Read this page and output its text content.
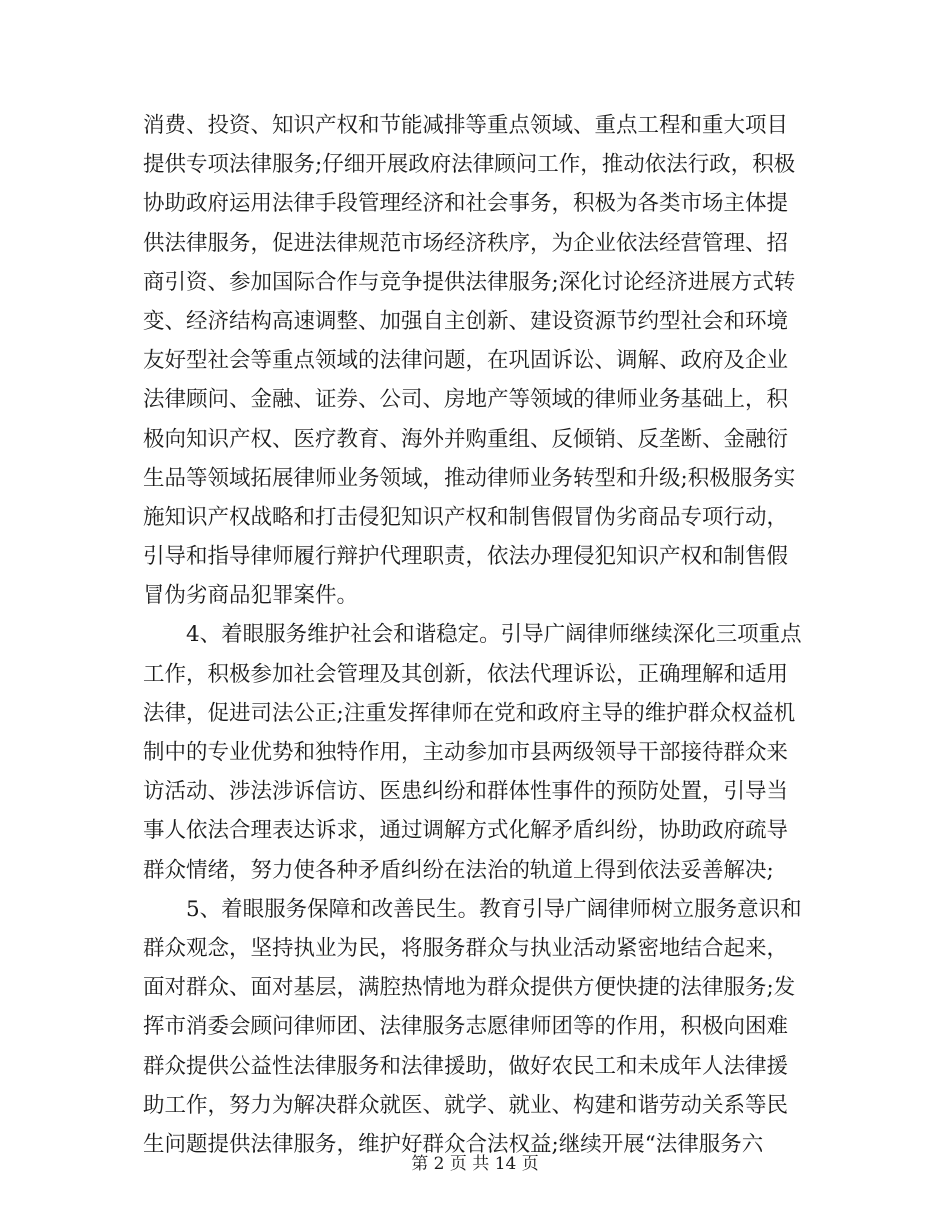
消费、投资、知识产权和节能减排等重点领域、重点工程和重大项目
提供专项法律服务;仔细开展政府法律顾问工作，推动依法行政，积极
协助政府运用法律手段管理经济和社会事务，积极为各类市场主体提
供法律服务，促进法律规范市场经济秩序，为企业依法经营管理、招
商引资、参加国际合作与竞争提供法律服务;深化讨论经济进展方式转
变、经济结构高速调整、加强自主创新、建设资源节约型社会和环境
友好型社会等重点领域的法律问题，在巩固诉讼、调解、政府及企业
法律顾问、金融、证券、公司、房地产等领域的律师业务基础上，积
极向知识产权、医疗教育、海外并购重组、反倾销、反垄断、金融衍
生品等领域拓展律师业务领域，推动律师业务转型和升级;积极服务实
施知识产权战略和打击侵犯知识产权和制售假冒伪劣商品专项行动，
引导和指导律师履行辩护代理职责，依法办理侵犯知识产权和制售假
冒伪劣商品犯罪案件。
4、着眼服务维护社会和谐稳定。引导广阔律师继续深化三项重点
工作，积极参加社会管理及其创新，依法代理诉讼，正确理解和适用
法律，促进司法公正;注重发挥律师在党和政府主导的维护群众权益机
制中的专业优势和独特作用，主动参加市县两级领导干部接待群众来
访活动、涉法涉诉信访、医患纠纷和群体性事件的预防处置，引导当
事人依法合理表达诉求，通过调解方式化解矛盾纠纷，协助政府疏导
群众情绪，努力使各种矛盾纠纷在法治的轨道上得到依法妥善解决;
5、着眼服务保障和改善民生。教育引导广阔律师树立服务意识和
群众观念，坚持执业为民，将服务群众与执业活动紧密地结合起来，
面对群众、面对基层，满腔热情地为群众提供方便快捷的法律服务;发
挥市消委会顾问律师团、法律服务志愿律师团等的作用，积极向困难
群众提供公益性法律服务和法律援助，做好农民工和未成年人法律援
助工作，努力为解决群众就医、就学、就业、构建和谐劳动关系等民
生问题提供法律服务，维护好群众合法权益;继续开展“法律服务六
第 2 页 共 14 页
